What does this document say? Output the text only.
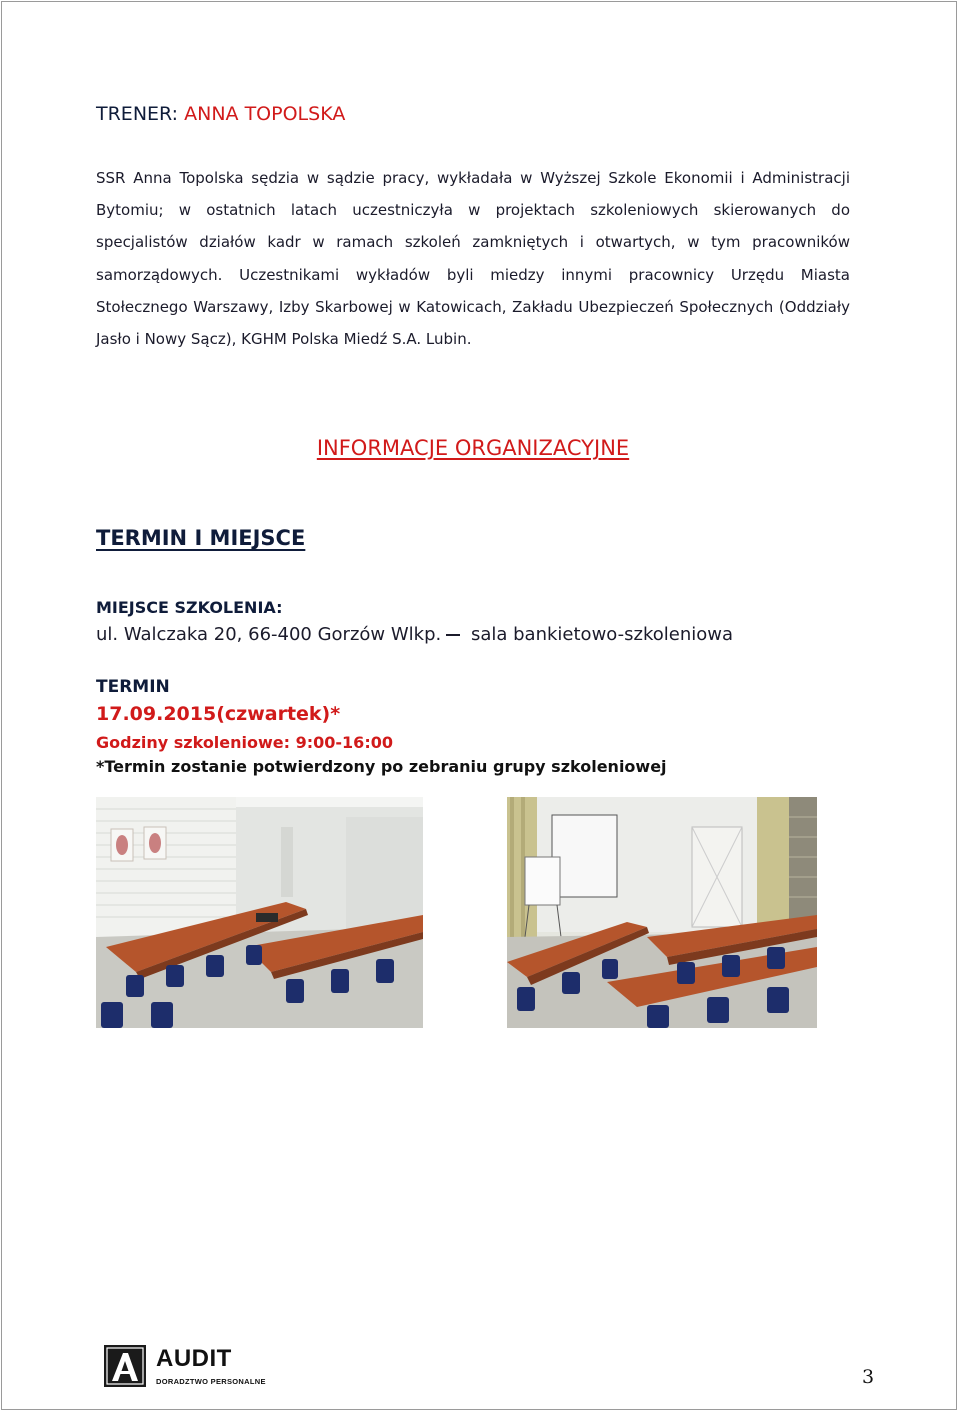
TRENER: ANNA TOPOLSKA
SSR Anna Topolska sędzia w sądzie pracy, wykładała w Wyższej Szkole Ekonomii i Administracji Bytomiu; w ostatnich latach uczestniczyła w projektach szkoleniowych skierowanych do specjalistów działów kadr w ramach szkoleń zamkniętych i otwartych, w tym pracowników samorządowych. Uczestnikami wykładów byli miedzy innymi pracownicy Urzędu Miasta Stołecznego Warszawy, Izby Skarbowej w Katowicach, Zakładu Ubezpieczeń Społecznych (Oddziały Jasło i Nowy Sącz), KGHM Polska Miedź S.A. Lubin.
INFORMACJE ORGANIZACYJNE
TERMIN I MIEJSCE
MIEJSCE SZKOLENIA:
ul. Walczaka 20, 66-400 Gorzów Wlkp. sala bankietowo-szkoleniowa
TERMIN
17.09.2015(czwartek)*
Godziny szkoleniowe: 9:00-16:00
*Termin zostanie potwierdzony po zebraniu grupy szkoleniowej
AUDIT
DORADZTWO PERSONALNE	3
